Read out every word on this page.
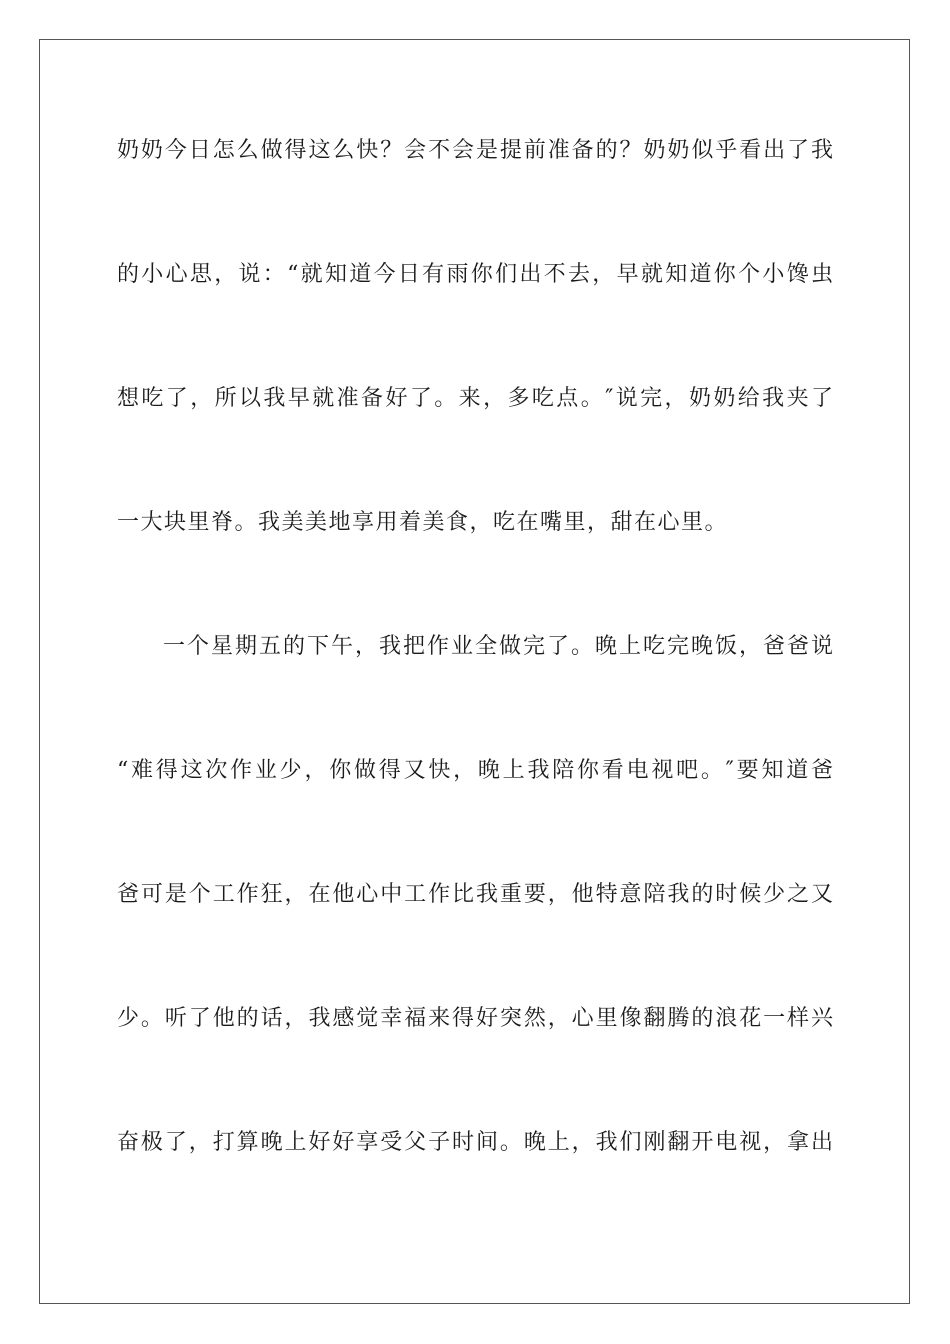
奶奶今日怎么做得这么快？会不会是提前准备的？奶奶似乎看出了我
的小心思，说：“就知道今日有雨你们出不去，早就知道你个小馋虫
想吃了，所以我早就准备好了。来，多吃点。″说完，奶奶给我夹了
一大块里脊。我美美地享用着美食，吃在嘴里，甜在心里。
一个星期五的下午，我把作业全做完了。晚上吃完晚饭，爸爸说
“难得这次作业少，你做得又快，晚上我陪你看电视吧。″要知道爸
爸可是个工作狂，在他心中工作比我重要，他特意陪我的时候少之又
少。听了他的话，我感觉幸福来得好突然，心里像翻腾的浪花一样兴
奋极了，打算晚上好好享受父子时间。晚上，我们刚翻开电视，拿出
